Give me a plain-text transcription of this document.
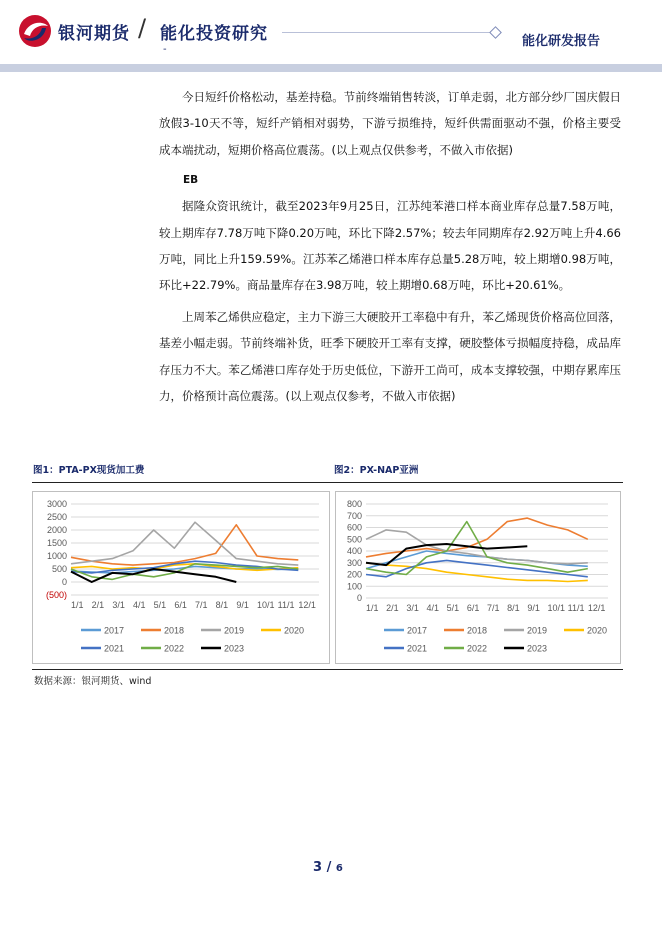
银河期货 / 能化投资研究
-
能化研发报告

今日短纤价格松动，基差持稳。节前终端销售转淡，订单走弱，北方部分纱厂国庆假日放假3-10天不等，短纤产销相对弱势，下游亏损维持，短纤供需面驱动不强，价格主要受成本端扰动，短期价格高位震荡。(以上观点仅供参考，不做入市依据)

EB

据隆众资讯统计，截至2023年9月25日，江苏纯苯港口样本商业库存总量7.58万吨，较上期库存7.78万吨下降0.20万吨，环比下降2.57%；较去年同期库存2.92万吨上升4.66万吨，同比上升159.59%。江苏苯乙烯港口样本库存总量5.28万吨，较上期增0.98万吨，环比+22.79%。商品量库存在3.98万吨，较上期增0.68万吨，环比+20.61%。

上周苯乙烯供应稳定，主力下游三大硬胶开工率稳中有升，苯乙烯现货价格高位回落，基差小幅走弱。节前终端补货，旺季下硬胶开工率有支撑，硬胶整体亏损幅度持稳，成品库存压力不大。苯乙烯港口库存处于历史低位，下游开工尚可，成本支撑较强，中期存累库压力，价格预计高位震荡。(以上观点仅参考，不做入市依据)

图1：PTA-PX现货加工费	图2：PX-NAP亚洲
3000
2500
2000
1500
1000
500
0
(500)
1/1 2/1 3/1 4/1 5/1 6/1 7/1 8/1 9/1 10/1 11/1 12/1
2017	2018	2019	2020
2021	2022	2023
800
700
600
500
400
300
200
100
0
1/1 2/1 3/1 4/1 5/1 6/1 7/1 8/1 9/1 10/1 11/1 12/1
2017	2018	2019	2020
2021	2022	2023
数据来源：银河期货、wind
3 / 6
